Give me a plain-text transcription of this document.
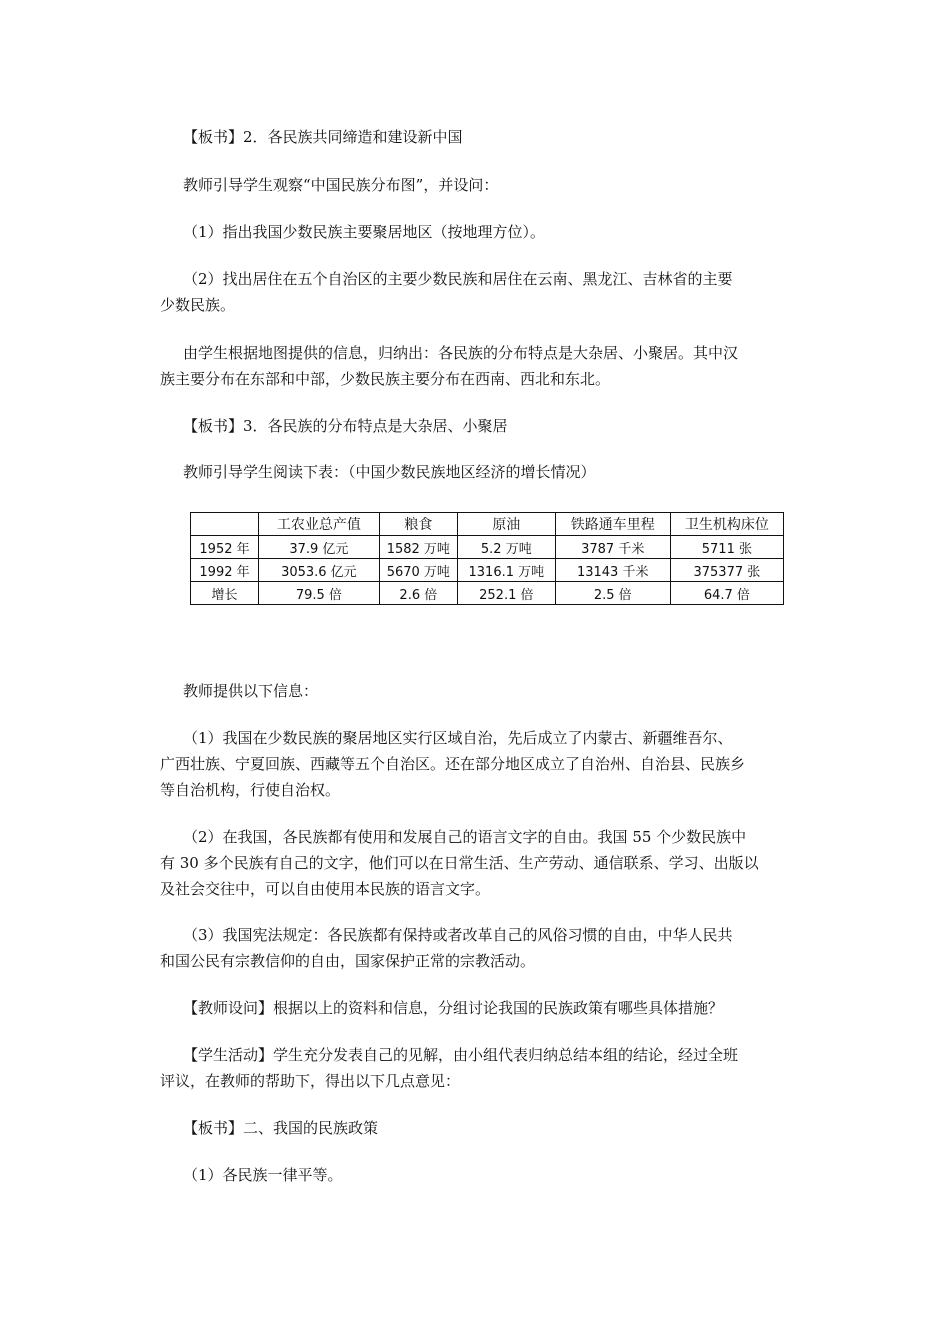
【板书】2．各民族共同缔造和建设新中国

教师引导学生观察“中国民族分布图”，并设问：

（1）指出我国少数民族主要聚居地区（按地理方位）。

（2）找出居住在五个自治区的主要少数民族和居住在云南、黑龙江、吉林省的主要

少数民族。

由学生根据地图提供的信息，归纳出：各民族的分布特点是大杂居、小聚居。其中汉

族主要分布在东部和中部，少数民族主要分布在西南、西北和东北。

【板书】3．各民族的分布特点是大杂居、小聚居

教师引导学生阅读下表：（中国少数民族地区经济的增长情况）

	工农业总产值	粮食	原油	铁路通车里程	卫生机构床位
1952 年	37.9 亿元	1582 万吨	5.2 万吨	3787 千米	5711 张
1992 年	3053.6 亿元	5670 万吨	1316.1 万吨	13143 千米	375377 张
增长	79.5 倍	2.6 倍	252.1 倍	2.5 倍	64.7 倍

教师提供以下信息：

（1）我国在少数民族的聚居地区实行区域自治，先后成立了内蒙古、新疆维吾尔、

广西壮族、宁夏回族、西藏等五个自治区。还在部分地区成立了自治州、自治县、民族乡

等自治机构，行使自治权。

（2）在我国，各民族都有使用和发展自己的语言文字的自由。我国 55 个少数民族中

有 30 多个民族有自己的文字，他们可以在日常生活、生产劳动、通信联系、学习、出版以

及社会交往中，可以自由使用本民族的语言文字。

（3）我国宪法规定：各民族都有保持或者改革自己的风俗习惯的自由，中华人民共

和国公民有宗教信仰的自由，国家保护正常的宗教活动。

【教师设问】根据以上的资料和信息，分组讨论我国的民族政策有哪些具体措施？

【学生活动】学生充分发表自己的见解，由小组代表归纳总结本组的结论，经过全班

评议，在教师的帮助下，得出以下几点意见：

【板书】二、我国的民族政策

（1）各民族一律平等。
